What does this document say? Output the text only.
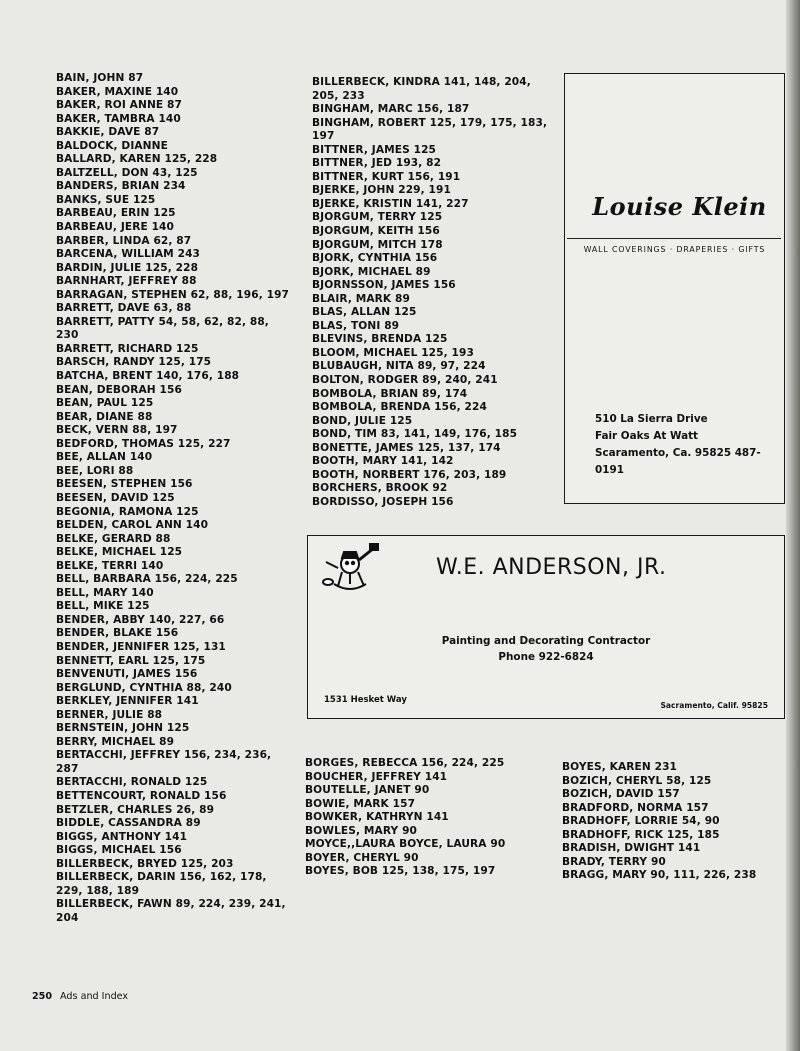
BAIN, JOHN 87
BAKER, MAXINE 140
BAKER, ROI ANNE 87
BAKER, TAMBRA 140
BAKKIE, DAVE 87
BALDOCK, DIANNE
BALLARD, KAREN 125, 228
BALTZELL, DON 43, 125
BANDERS, BRIAN 234
BANKS, SUE 125
BARBEAU, ERIN 125
BARBEAU, JERE 140
BARBER, LINDA 62, 87
BARCENA, WILLIAM 243
BARDIN, JULIE 125, 228
BARNHART, JEFFREY 88
BARRAGAN, STEPHEN 62, 88, 196, 197
BARRETT, DAVE 63, 88
BARRETT, PATTY 54, 58, 62, 82, 88, 230
BARRETT, RICHARD 125
BARSCH, RANDY 125, 175
BATCHA, BRENT 140, 176, 188
BEAN, DEBORAH 156
BEAN, PAUL 125
BEAR, DIANE 88
BECK, VERN 88, 197
BEDFORD, THOMAS 125, 227
BEE, ALLAN 140
BEE, LORI 88
BEESEN, STEPHEN 156
BEESEN, DAVID 125
BEGONIA, RAMONA 125
BELDEN, CAROL ANN 140
BELKE, GERARD 88
BELKE, MICHAEL 125
BELKE, TERRI 140
BELL, BARBARA 156, 224, 225
BELL, MARY 140
BELL, MIKE 125
BENDER, ABBY 140, 227, 66
BENDER, BLAKE 156
BENDER, JENNIFER 125, 131
BENNETT, EARL 125, 175
BENVENUTI, JAMES 156
BERGLUND, CYNTHIA 88, 240
BERKLEY, JENNIFER 141
BERNER, JULIE 88
BERNSTEIN, JOHN 125
BERRY, MICHAEL 89
BERTACCHI, JEFFREY 156, 234, 236, 287
BERTACCHI, RONALD 125
BETTENCOURT, RONALD 156
BETZLER, CHARLES 26, 89
BIDDLE, CASSANDRA 89
BIGGS, ANTHONY 141
BIGGS, MICHAEL 156
BILLERBECK, BRYED 125, 203
BILLERBECK, DARIN 156, 162, 178, 229, 188, 189
BILLERBECK, FAWN 89, 224, 239, 241, 204
BILLERBECK, KINDRA 141, 148, 204, 205, 233
BINGHAM, MARC 156, 187
BINGHAM, ROBERT 125, 179, 175, 183, 197
BITTNER, JAMES 125
BITTNER, JED 193, 82
BITTNER, KURT 156, 191
BJERKE, JOHN 229, 191
BJERKE, KRISTIN 141, 227
BJORGUM, TERRY 125
BJORGUM, KEITH 156
BJORGUM, MITCH 178
BJORK, CYNTHIA 156
BJORK, MICHAEL 89
BJORNSSON, JAMES 156
BLAIR, MARK 89
BLAS, ALLAN 125
BLAS, TONI 89
BLEVINS, BRENDA 125
BLOOM, MICHAEL 125, 193
BLUBAUGH, NITA 89, 97, 224
BOLTON, RODGER 89, 240, 241
BOMBOLA, BRIAN 89, 174
BOMBOLA, BRENDA 156, 224
BOND, JULIE 125
BOND, TIM 83, 141, 149, 176, 185
BONETTE, JAMES 125, 137, 174
BOOTH, MARY 141, 142
BOOTH, NORBERT 176, 203, 189
BORCHERS, BROOK 92
BORDISSO, JOSEPH 156
BORGES, REBECCA 156, 224, 225
BOUCHER, JEFFREY 141
BOUTELLE, JANET 90
BOWIE, MARK 157
BOWKER, KATHRYN 141
BOWLES, MARY 90
MOYCE,,LAURA BOYCE, LAURA 90
BOYER, CHERYL 90
BOYES, BOB 125, 138, 175, 197
BOYES, KAREN 231
BOZICH, CHERYL 58, 125
BOZICH, DAVID 157
BRADFORD, NORMA 157
BRADHOFF, LORRIE 54, 90
BRADHOFF, RICK 125, 185
BRADISH, DWIGHT 141
BRADY, TERRY 90
BRAGG, MARY 90, 111, 226, 238
Louise Klein
WALL COVERINGS · DRAPERIES · GIFTS
510 La Sierra Drive
Fair Oaks At Watt
Scaramento, Ca. 95825 487-0191
W.E. ANDERSON, JR.
Painting and Decorating Contractor
Phone 922-6824
1531 Hesket Way
Sacramento, Calif. 95825
250 Ads and Index
